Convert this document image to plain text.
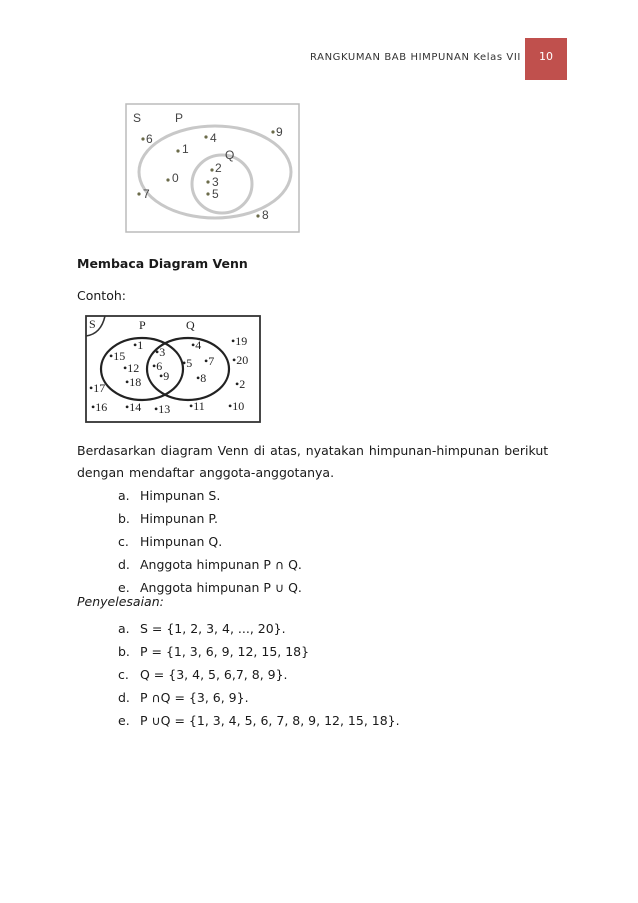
RANGKUMAN BAB HIMPUNAN Kelas VII	10
S	P
Q
6
1
4	9
0
2
3
5
7
8
Membaca Diagram Venn
Contoh:
S	P	Q
•1 •3 •4 •19
•15
•6 •5 •7 •20
•12
•9 •8
•18	•2
•17
•16 •14 •13 •11 •10
Berdasarkan diagram Venn di atas, nyatakan himpunan-himpunan berikut dengan mendaftar anggota-anggotanya.
a. Himpunan S.
b. Himpunan P.
c. Himpunan Q.
d. Anggota himpunan P ∩ Q.
e. Anggota himpunan P ∪ Q.
Penyelesaian:
a. S = {1, 2, 3, 4, ..., 20}.
b. P = {1, 3, 6, 9, 12, 15, 18}
c. Q = {3, 4, 5, 6,7, 8, 9}.
d. P ∩Q = {3, 6, 9}.
e. P ∪Q = {1, 3, 4, 5, 6, 7, 8, 9, 12, 15, 18}.
